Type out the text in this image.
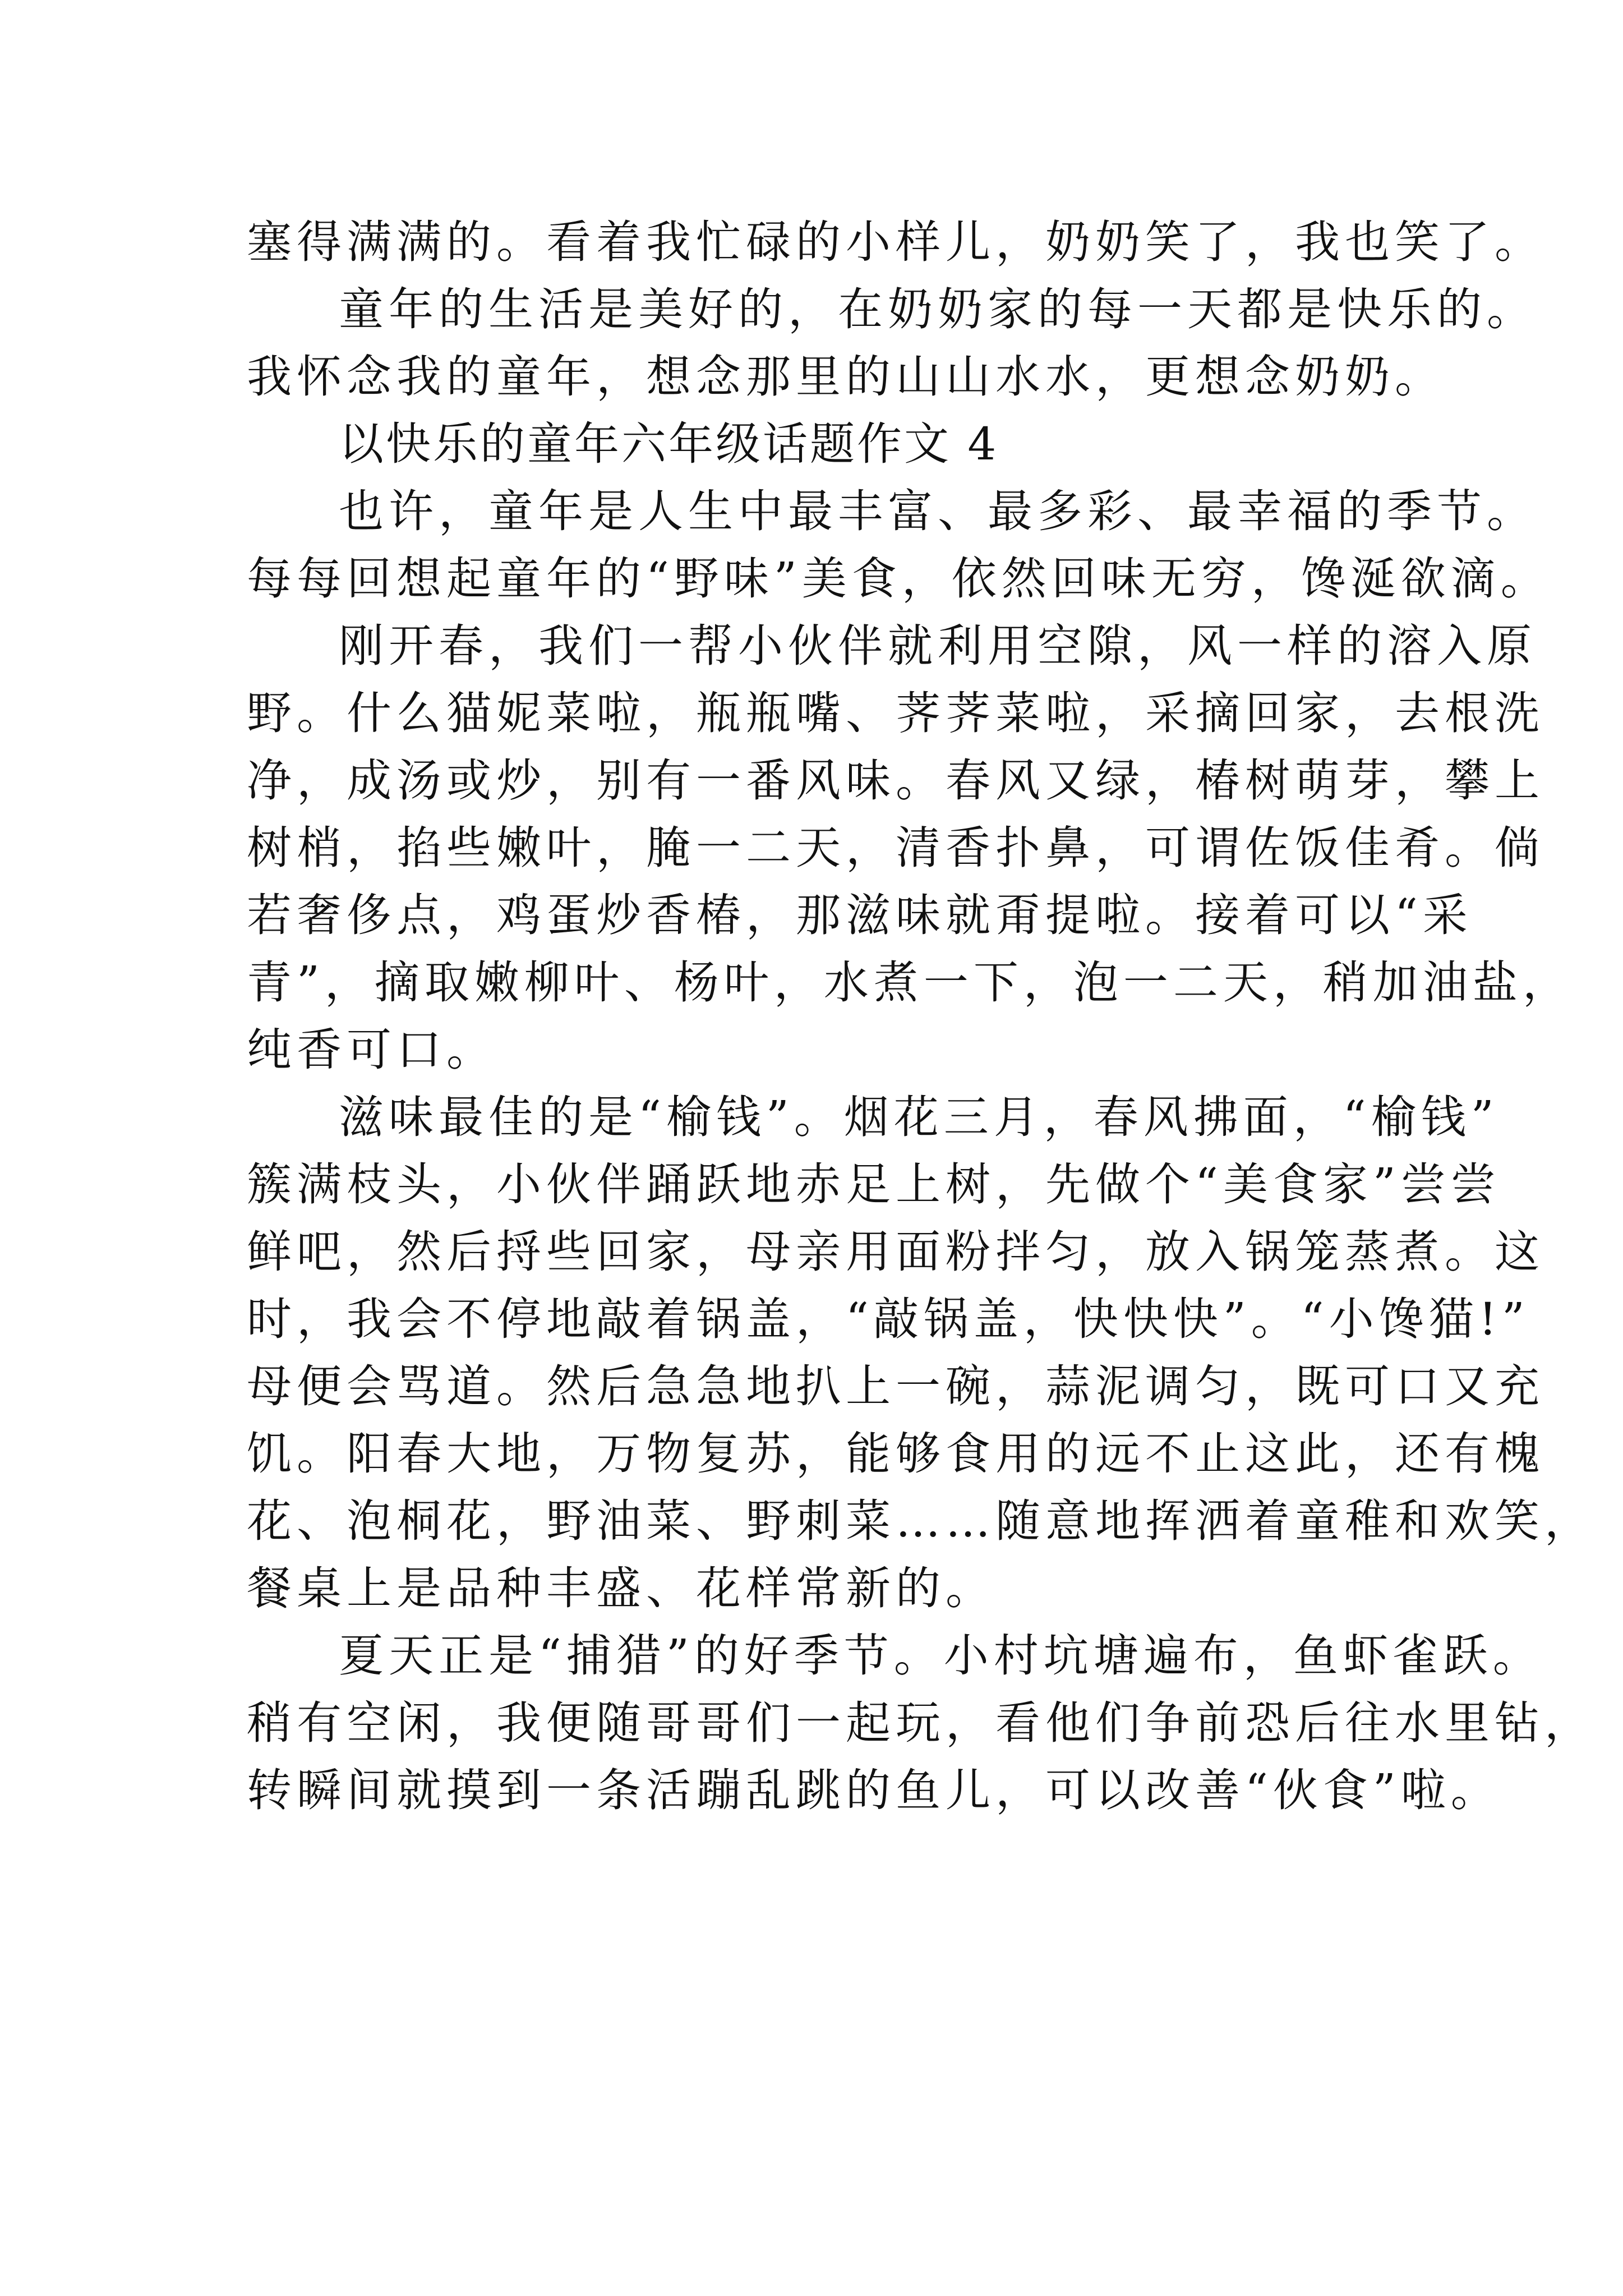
塞得满满的。看着我忙碌的小样儿，奶奶笑了，我也笑了。
童年的生活是美好的，在奶奶家的每一天都是快乐的。
我怀念我的童年，想念那里的山山水水，更想念奶奶。
以快乐的童年六年级话题作文 4
也许，童年是人生中最丰富、最多彩、最幸福的季节。
每每回想起童年的“野味”美食，依然回味无穷，馋涎欲滴。
刚开春，我们一帮小伙伴就利用空隙，风一样的溶入原
野。什么猫妮菜啦，瓶瓶嘴、荠荠菜啦，采摘回家，去根洗
净，成汤或炒，别有一番风味。春风又绿，椿树萌芽，攀上
树梢，掐些嫩叶，腌一二天，清香扑鼻，可谓佐饭佳肴。倘
若奢侈点，鸡蛋炒香椿，那滋味就甭提啦。接着可以“采
青”，摘取嫩柳叶、杨叶，水煮一下，泡一二天，稍加油盐，
纯香可口。
滋味最佳的是“榆钱”。烟花三月，春风拂面，“榆钱”
簇满枝头，小伙伴踊跃地赤足上树，先做个“美食家”尝尝
鲜吧，然后捋些回家，母亲用面粉拌匀，放入锅笼蒸煮。这
时，我会不停地敲着锅盖，“敲锅盖，快快快”。“小馋猫!”
母便会骂道。然后急急地扒上一碗，蒜泥调匀，既可口又充
饥。阳春大地，万物复苏，能够食用的远不止这此，还有槐
花、泡桐花，野油菜、野刺菜……随意地挥洒着童稚和欢笑，
餐桌上是品种丰盛、花样常新的。
夏天正是“捕猎”的好季节。小村坑塘遍布，鱼虾雀跃。
稍有空闲，我便随哥哥们一起玩，看他们争前恐后往水里钻，
转瞬间就摸到一条活蹦乱跳的鱼儿，可以改善“伙食”啦。
